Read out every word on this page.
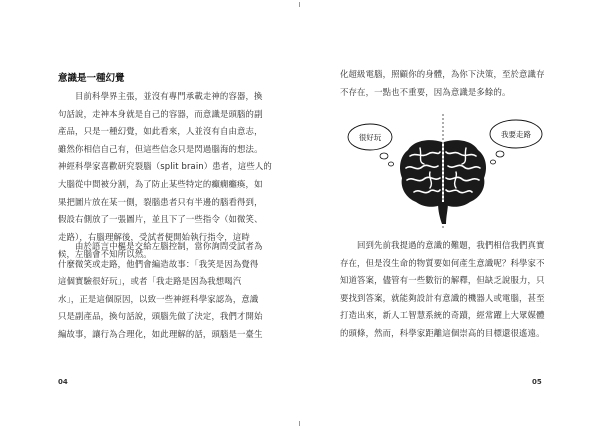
意識是一種幻覺
目前科學界主張，並沒有專門承載走神的容器，換
句話說，走神本身就是自己的容器，而意識是頭腦的副
產品，只是一種幻覺，如此看來，人並沒有自由意志，
雖然你相信自己有，但這些信念只是閃過腦海的想法。
神經科學家喜歡研究裂腦（split brain）患者，這些人的
大腦從中間被分割，為了防止某些特定的癲癇癱瘓，如
果把圖片放在某一側，裂腦患者只有半邊的腦看得到，
假設右側放了一張圖片，並且下了一些指令（如微笑、
走路），右腦理解後，受試者便開始執行指令，這時
候，左腦會不知所以然。
由於語言中樞是交給左腦控制，當你詢問受試者為
什麼微笑或走路，他們會編造故事：「我笑是因為覺得
這個實驗很好玩」，或者「我走路是因為我想喝汽
水」，正是這個原因，以致一些神經科學家認為，意識
只是副產品，換句話說，頭腦先做了決定，我們才開始
編故事，讓行為合理化，如此理解的話，頭腦是一臺生
04
化超級電腦，照顧你的身體，為你下決策，至於意識存
不存在，一點也不重要，因為意識是多餘的。
回到先前我提過的意識的難題，我們相信我們真實
存在，但是沒生命的物質要如何產生意識呢？科學家不
知道答案，儘管有一些數衍的解釋，但缺乏說服力，只
要找到答案，就能夠設計有意識的機器人或電腦，甚至
打造出來，新人工智慧系統的奇蹟，經常躍上大眾媒體
的頭條，然而，科學家距離這個崇高的目標還很遙遠。
05
很好玩	我要走路
